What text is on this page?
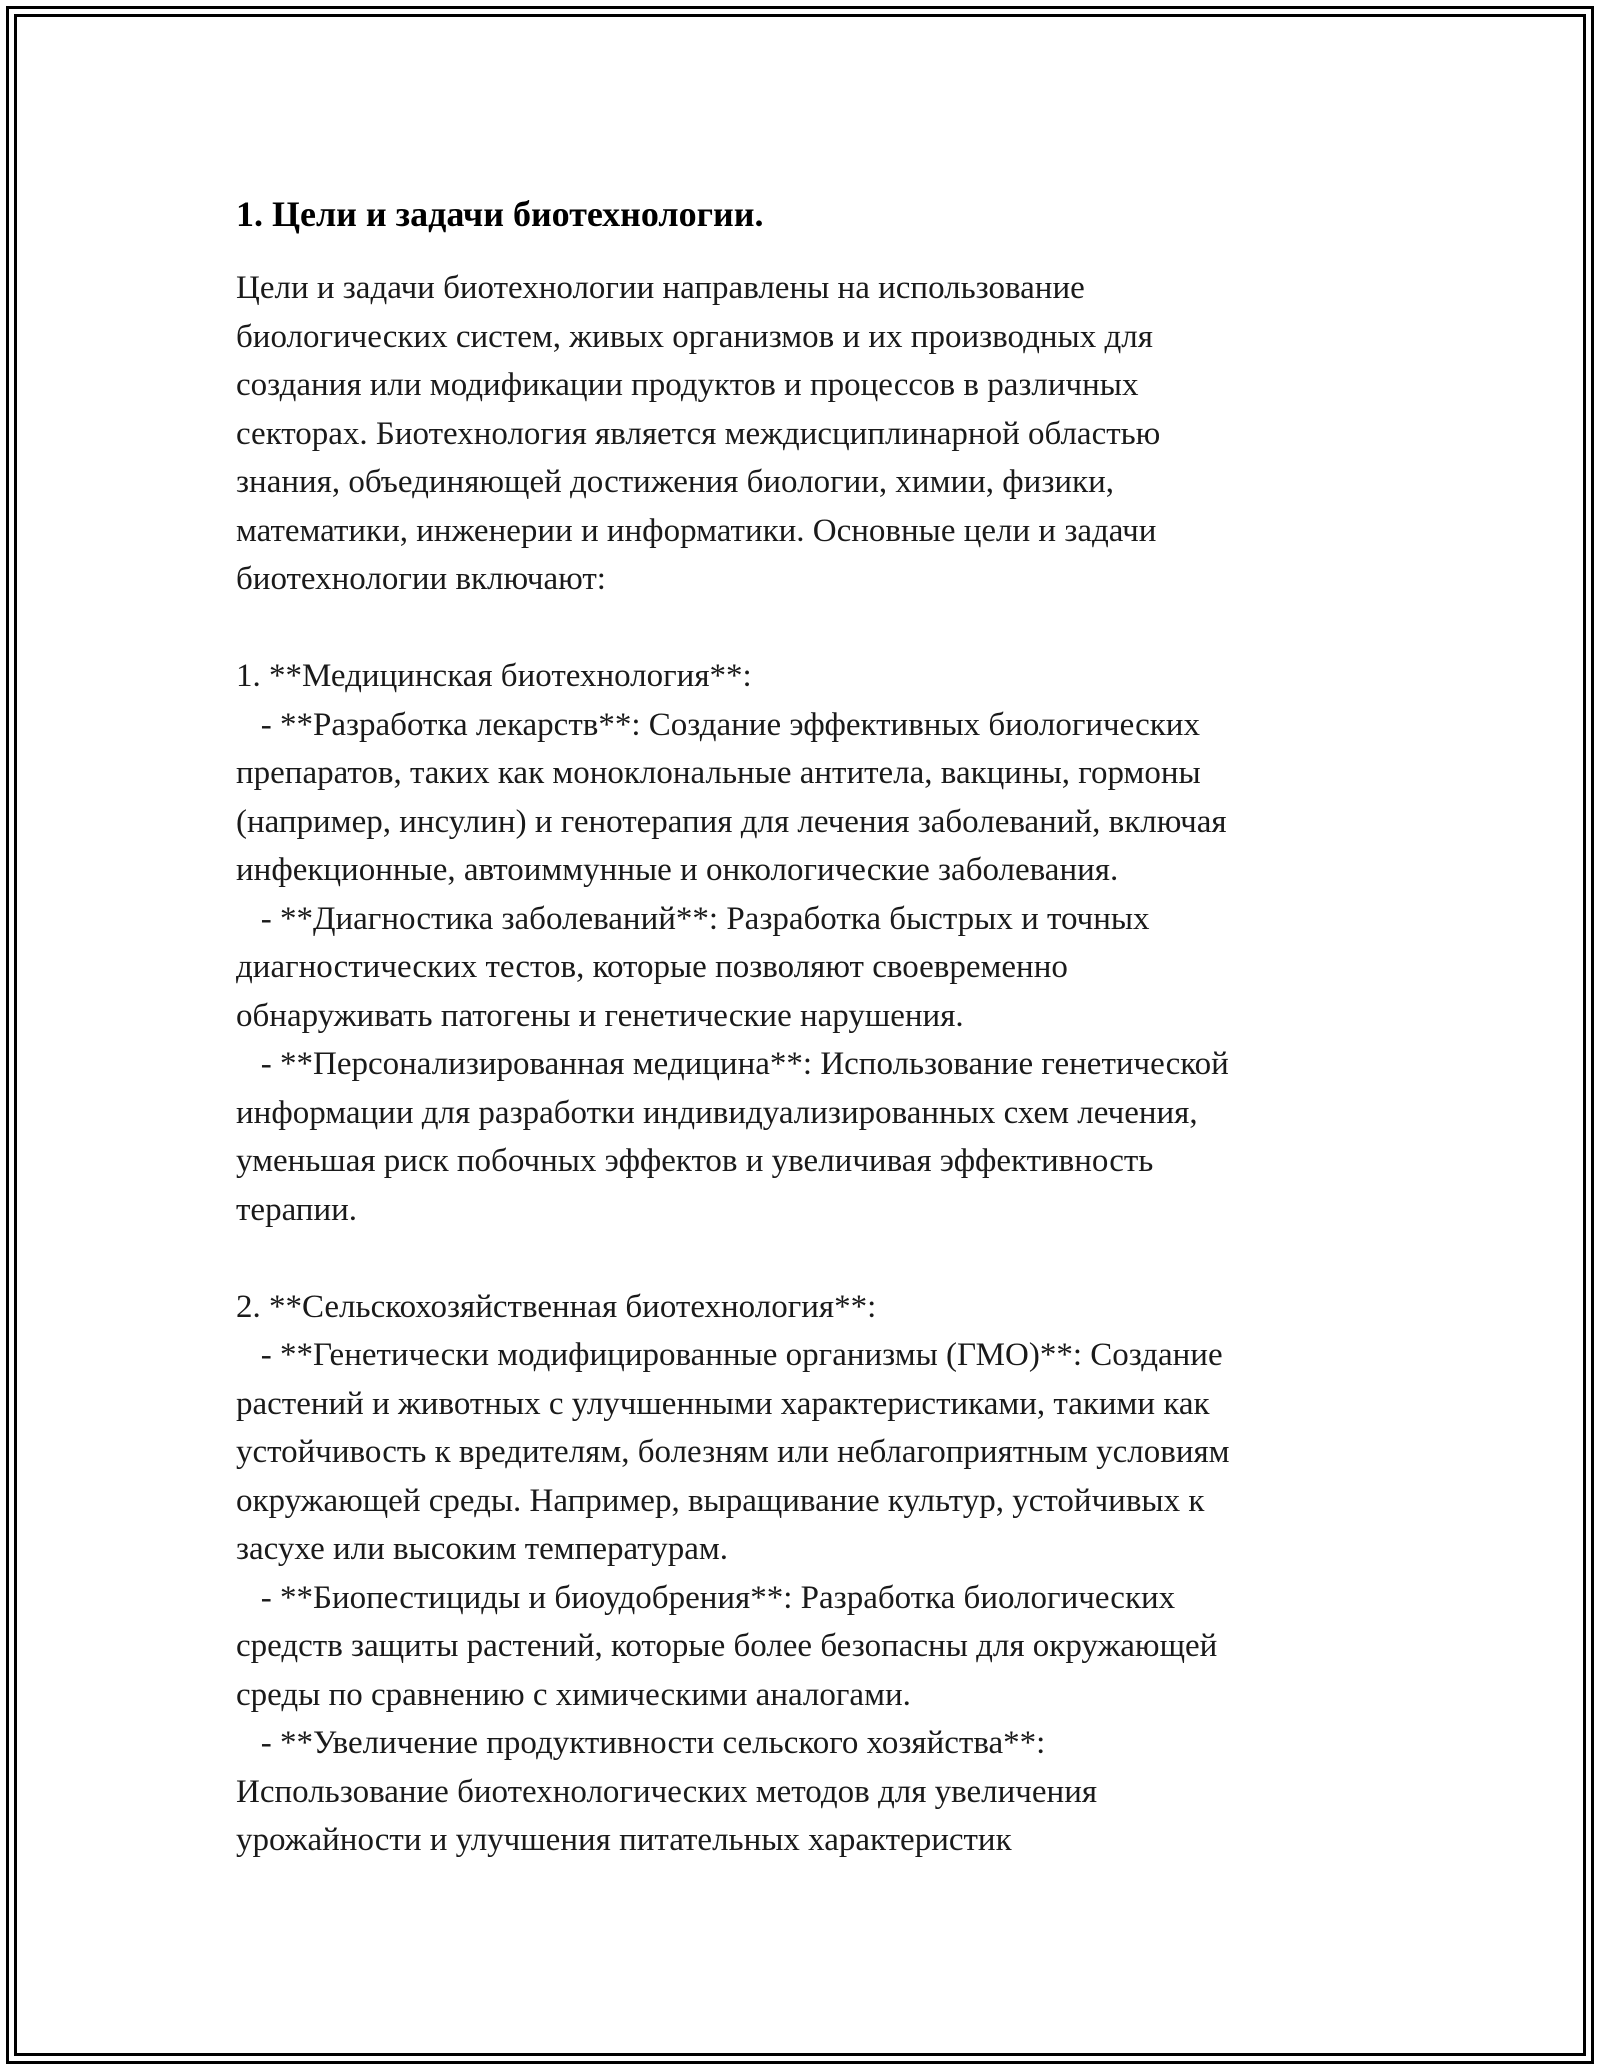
1. Цели и задачи биотехнологии.

Цели и задачи биотехнологии направлены на использование
биологических систем, живых организмов и их производных для
создания или модификации продуктов и процессов в различных
секторах. Биотехнология является междисциплинарной областью
знания, объединяющей достижения биологии, химии, физики,
математики, инженерии и информатики. Основные цели и задачи
биотехнологии включают:

1. **Медицинская биотехнология**:
- **Разработка лекарств**: Создание эффективных биологических
препаратов, таких как моноклональные антитела, вакцины, гормоны
(например, инсулин) и генотерапия для лечения заболеваний, включая
инфекционные, автоиммунные и онкологические заболевания.
- **Диагностика заболеваний**: Разработка быстрых и точных
диагностических тестов, которые позволяют своевременно
обнаруживать патогены и генетические нарушения.
- **Персонализированная медицина**: Использование генетической
информации для разработки индивидуализированных схем лечения,
уменьшая риск побочных эффектов и увеличивая эффективность
терапии.

2. **Сельскохозяйственная биотехнология**:
- **Генетически модифицированные организмы (ГМО)**: Создание
растений и животных с улучшенными характеристиками, такими как
устойчивость к вредителям, болезням или неблагоприятным условиям
окружающей среды. Например, выращивание культур, устойчивых к
засухе или высоким температурам.
- **Биопестициды и биоудобрения**: Разработка биологических
средств защиты растений, которые более безопасны для окружающей
среды по сравнению с химическими аналогами.
- **Увеличение продуктивности сельского хозяйства**:
Использование биотехнологических методов для увеличения
урожайности и улучшения питательных характеристик
